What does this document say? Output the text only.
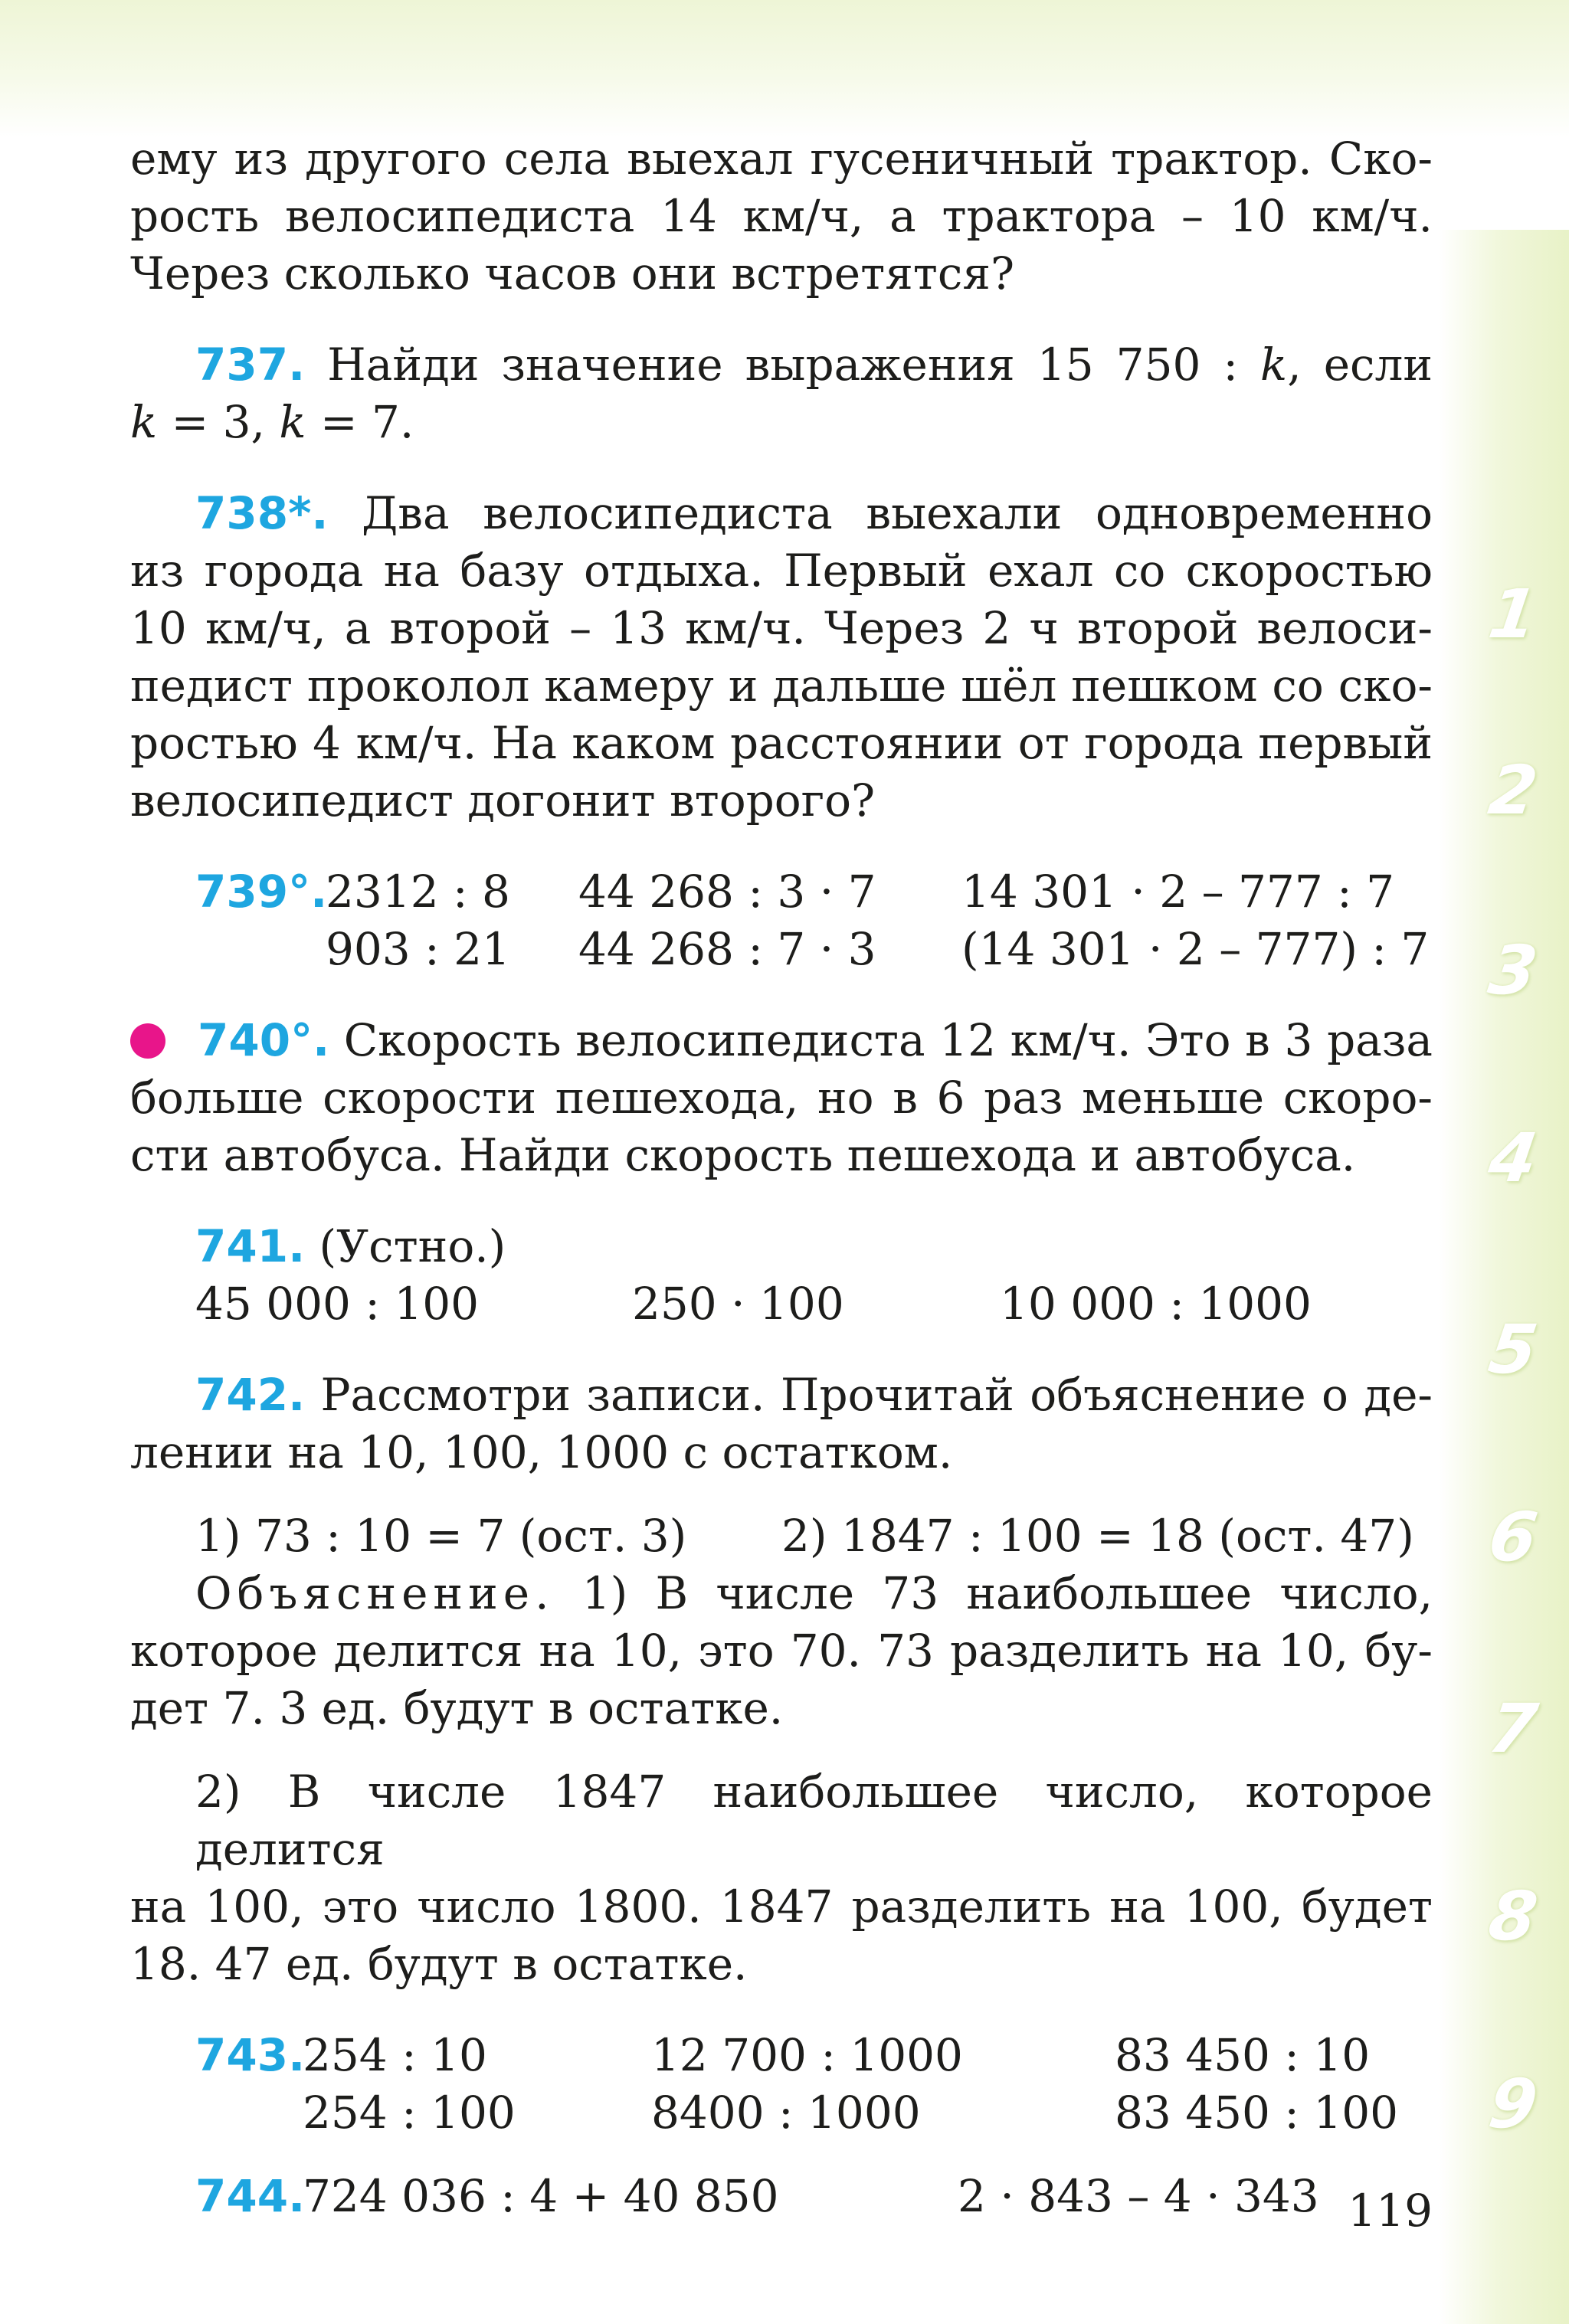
1
2
3
4
5
6
7
8
9
ему из другого села выехал гусеничный трактор. Ско-
рость велосипедиста 14 км/ч, а трактора – 10 км/ч.
Через сколько часов они встретятся?
737. Найди значение выражения 15 750 : k, если
k = 3, k = 7.
738*. Два велосипедиста выехали одновременно
из города на базу отдыха. Первый ехал со скоростью
10 км/ч, а второй – 13 км/ч. Через 2 ч второй велоси-
педист проколол камеру и дальше шёл пешком со ско-
ростью 4 км/ч. На каком расстоянии от города первый
велосипедист догонит второго?
739°.
2312 : 8	44 268 : 3 · 7	14 301 · 2 – 777 : 7
903 : 21	44 268 : 7 · 3	(14 301 · 2 – 777) : 7
740°. Скорость велосипедиста 12 км/ч. Это в 3 раза
больше скорости пешехода, но в 6 раз меньше скоро-
сти автобуса. Найди скорость пешехода и автобуса.
741. (Устно.)
45 000 : 100	250 · 100	10 000 : 1000
742. Рассмотри записи. Прочитай объяснение о де-
лении на 10, 100, 1000 с остатком.
1) 73 : 10 = 7 (ост. 3)	2) 1847 : 100 = 18 (ост. 47)
Объяснение. 1) В числе 73 наибольшее число,
которое делится на 10, это 70. 73 разделить на 10, бу-
дет 7. 3 ед. будут в остатке.
2) В числе 1847 наибольшее число, которое делится
на 100, это число 1800. 1847 разделить на 100, будет
18. 47 ед. будут в остатке.
743.
254 : 10	12 700 : 1000	83 450 : 10
254 : 100	8400 : 1000	83 450 : 100
744.
724 036 : 4 + 40 850	2 · 843 – 4 · 343 119
